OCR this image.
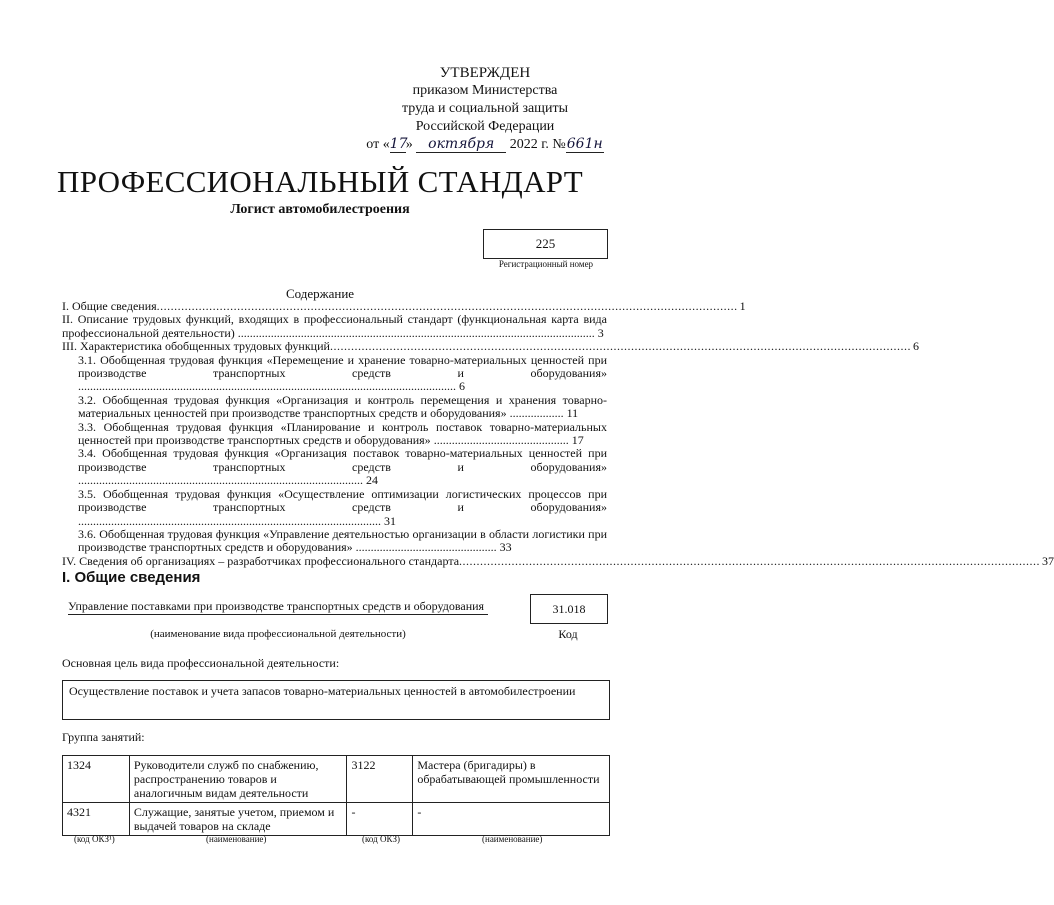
УТВЕРЖДЕН
приказом Министерства
труда и социальной защиты
Российской Федерации
от «17» октября 2022 г. №661н
ПРОФЕССИОНАЛЬНЫЙ СТАНДАРТ
Логист автомобилестроения
225
Регистрационный номер
Содержание
I. Общие сведения ...................................................................................................................................................................... 1
II. Описание трудовых функций, входящих в профессиональный стандарт (функциональная карта вида профессиональной деятельности) ....................................................................................................................... 3
III. Характеристика обобщенных трудовых функций ...................................................................................................................................................................... 6
3.1. Обобщенная трудовая функция «Перемещение и хранение товарно-материальных ценностей при производстве транспортных средств и оборудования» .............................................................................................................................. 6
3.2. Обобщенная трудовая функция «Организация и контроль перемещения и хранения товарно-материальных ценностей при производстве транспортных средств и оборудования» .................. 11
3.3. Обобщенная трудовая функция «Планирование и контроль поставок товарно-материальных ценностей при производстве транспортных средств и оборудования» ............................................. 17
3.4. Обобщенная трудовая функция «Организация поставок товарно-материальных ценностей при производстве транспортных средств и оборудования» ............................................................................................... 24
3.5. Обобщенная трудовая функция «Осуществление оптимизации логистических процессов при производстве транспортных средств и оборудования» ..................................................................................................... 31
3.6. Обобщенная трудовая функция «Управление деятельностью организации в области логистики при производстве транспортных средств и оборудования» ............................................... 33
IV. Сведения об организациях – разработчиках профессионального стандарта ...................................................................................................................................................................... 37
I. Общие сведения
Управление поставками при производстве транспортных средств и оборудования
(наименование вида профессиональной деятельности)
31.018
Код
Основная цель вида профессиональной деятельности:
Осуществление поставок и учета запасов товарно-материальных ценностей в автомобилестроении
Группа занятий:
1324	Руководители служб по снабжению, распространению товаров и аналогичным видам деятельности	3122	Мастера (бригадиры) в обрабатывающей промышленности
4321	Служащие, занятые учетом, приемом и выдачей товаров на складе	-	-
(код ОКЗ¹)	(наименование)	(код ОКЗ)	(наименование)
